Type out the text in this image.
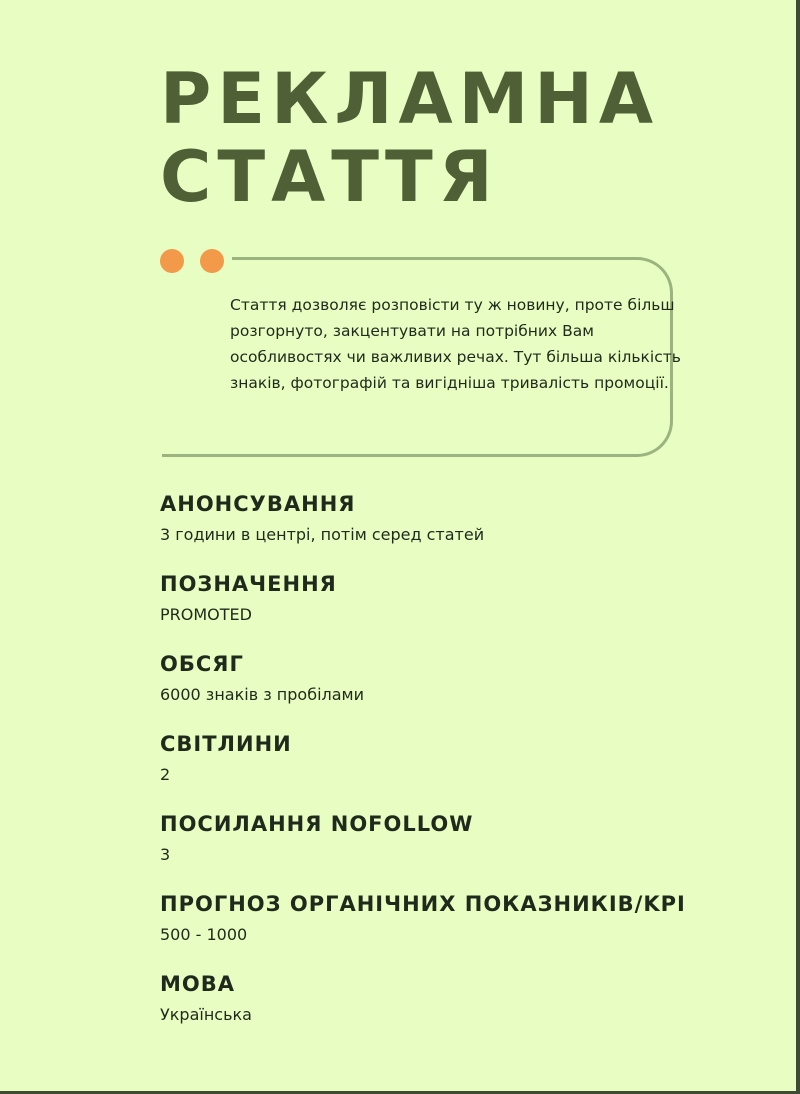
РЕКЛАМНА
СТАТТЯ

Стаття дозволяє розповісти ту ж новину, проте більш розгорнуто, закцентувати на потрібних Вам особливостях чи важливих речах. Тут більша кількість знаків, фотографій та вигідніша тривалість промоції.

АНОНСУВАННЯ

3 години в центрі, потім серед статей

ПОЗНАЧЕННЯ

PROMOTED

ОБСЯГ

6000 знаків з пробілами

СВІТЛИНИ

2

ПОСИЛАННЯ NOFOLLOW

3

ПРОГНОЗ ОРГАНІЧНИХ ПОКАЗНИКІВ/KPI

500 - 1000

МОВА

Українська
